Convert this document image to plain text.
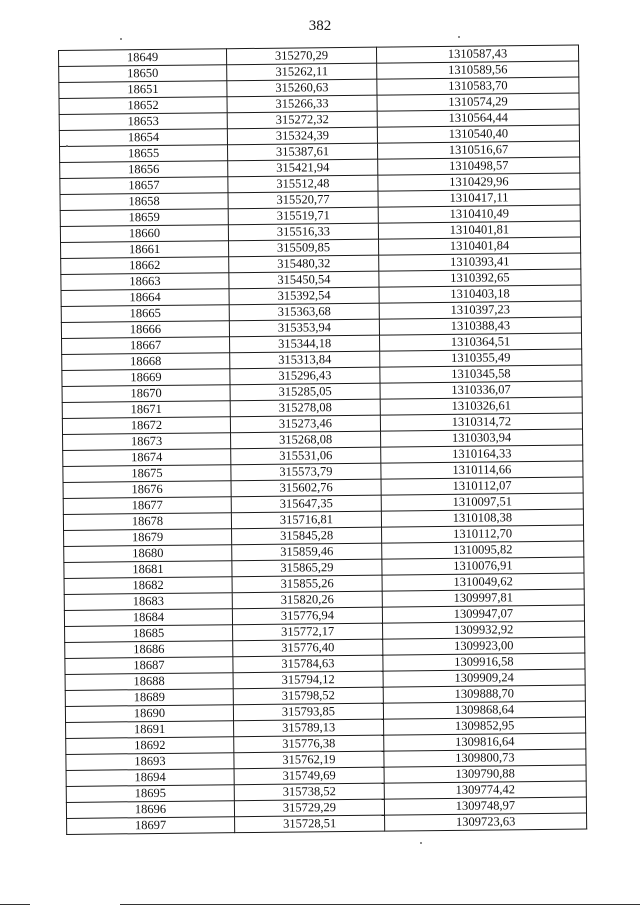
382
18649	315270,29	1310587,43
18650	315262,11	1310589,56
18651	315260,63	1310583,70
18652	315266,33	1310574,29
18653	315272,32	1310564,44
18654	315324,39	1310540,40
18655	315387,61	1310516,67
18656	315421,94	1310498,57
18657	315512,48	1310429,96
18658	315520,77	1310417,11
18659	315519,71	1310410,49
18660	315516,33	1310401,81
18661	315509,85	1310401,84
18662	315480,32	1310393,41
18663	315450,54	1310392,65
18664	315392,54	1310403,18
18665	315363,68	1310397,23
18666	315353,94	1310388,43
18667	315344,18	1310364,51
18668	315313,84	1310355,49
18669	315296,43	1310345,58
18670	315285,05	1310336,07
18671	315278,08	1310326,61
18672	315273,46	1310314,72
18673	315268,08	1310303,94
18674	315531,06	1310164,33
18675	315573,79	1310114,66
18676	315602,76	1310112,07
18677	315647,35	1310097,51
18678	315716,81	1310108,38
18679	315845,28	1310112,70
18680	315859,46	1310095,82
18681	315865,29	1310076,91
18682	315855,26	1310049,62
18683	315820,26	1309997,81
18684	315776,94	1309947,07
18685	315772,17	1309932,92
18686	315776,40	1309923,00
18687	315784,63	1309916,58
18688	315794,12	1309909,24
18689	315798,52	1309888,70
18690	315793,85	1309868,64
18691	315789,13	1309852,95
18692	315776,38	1309816,64
18693	315762,19	1309800,73
18694	315749,69	1309790,88
18695	315738,52	1309774,42
18696	315729,29	1309748,97
18697	315728,51	1309723,63
